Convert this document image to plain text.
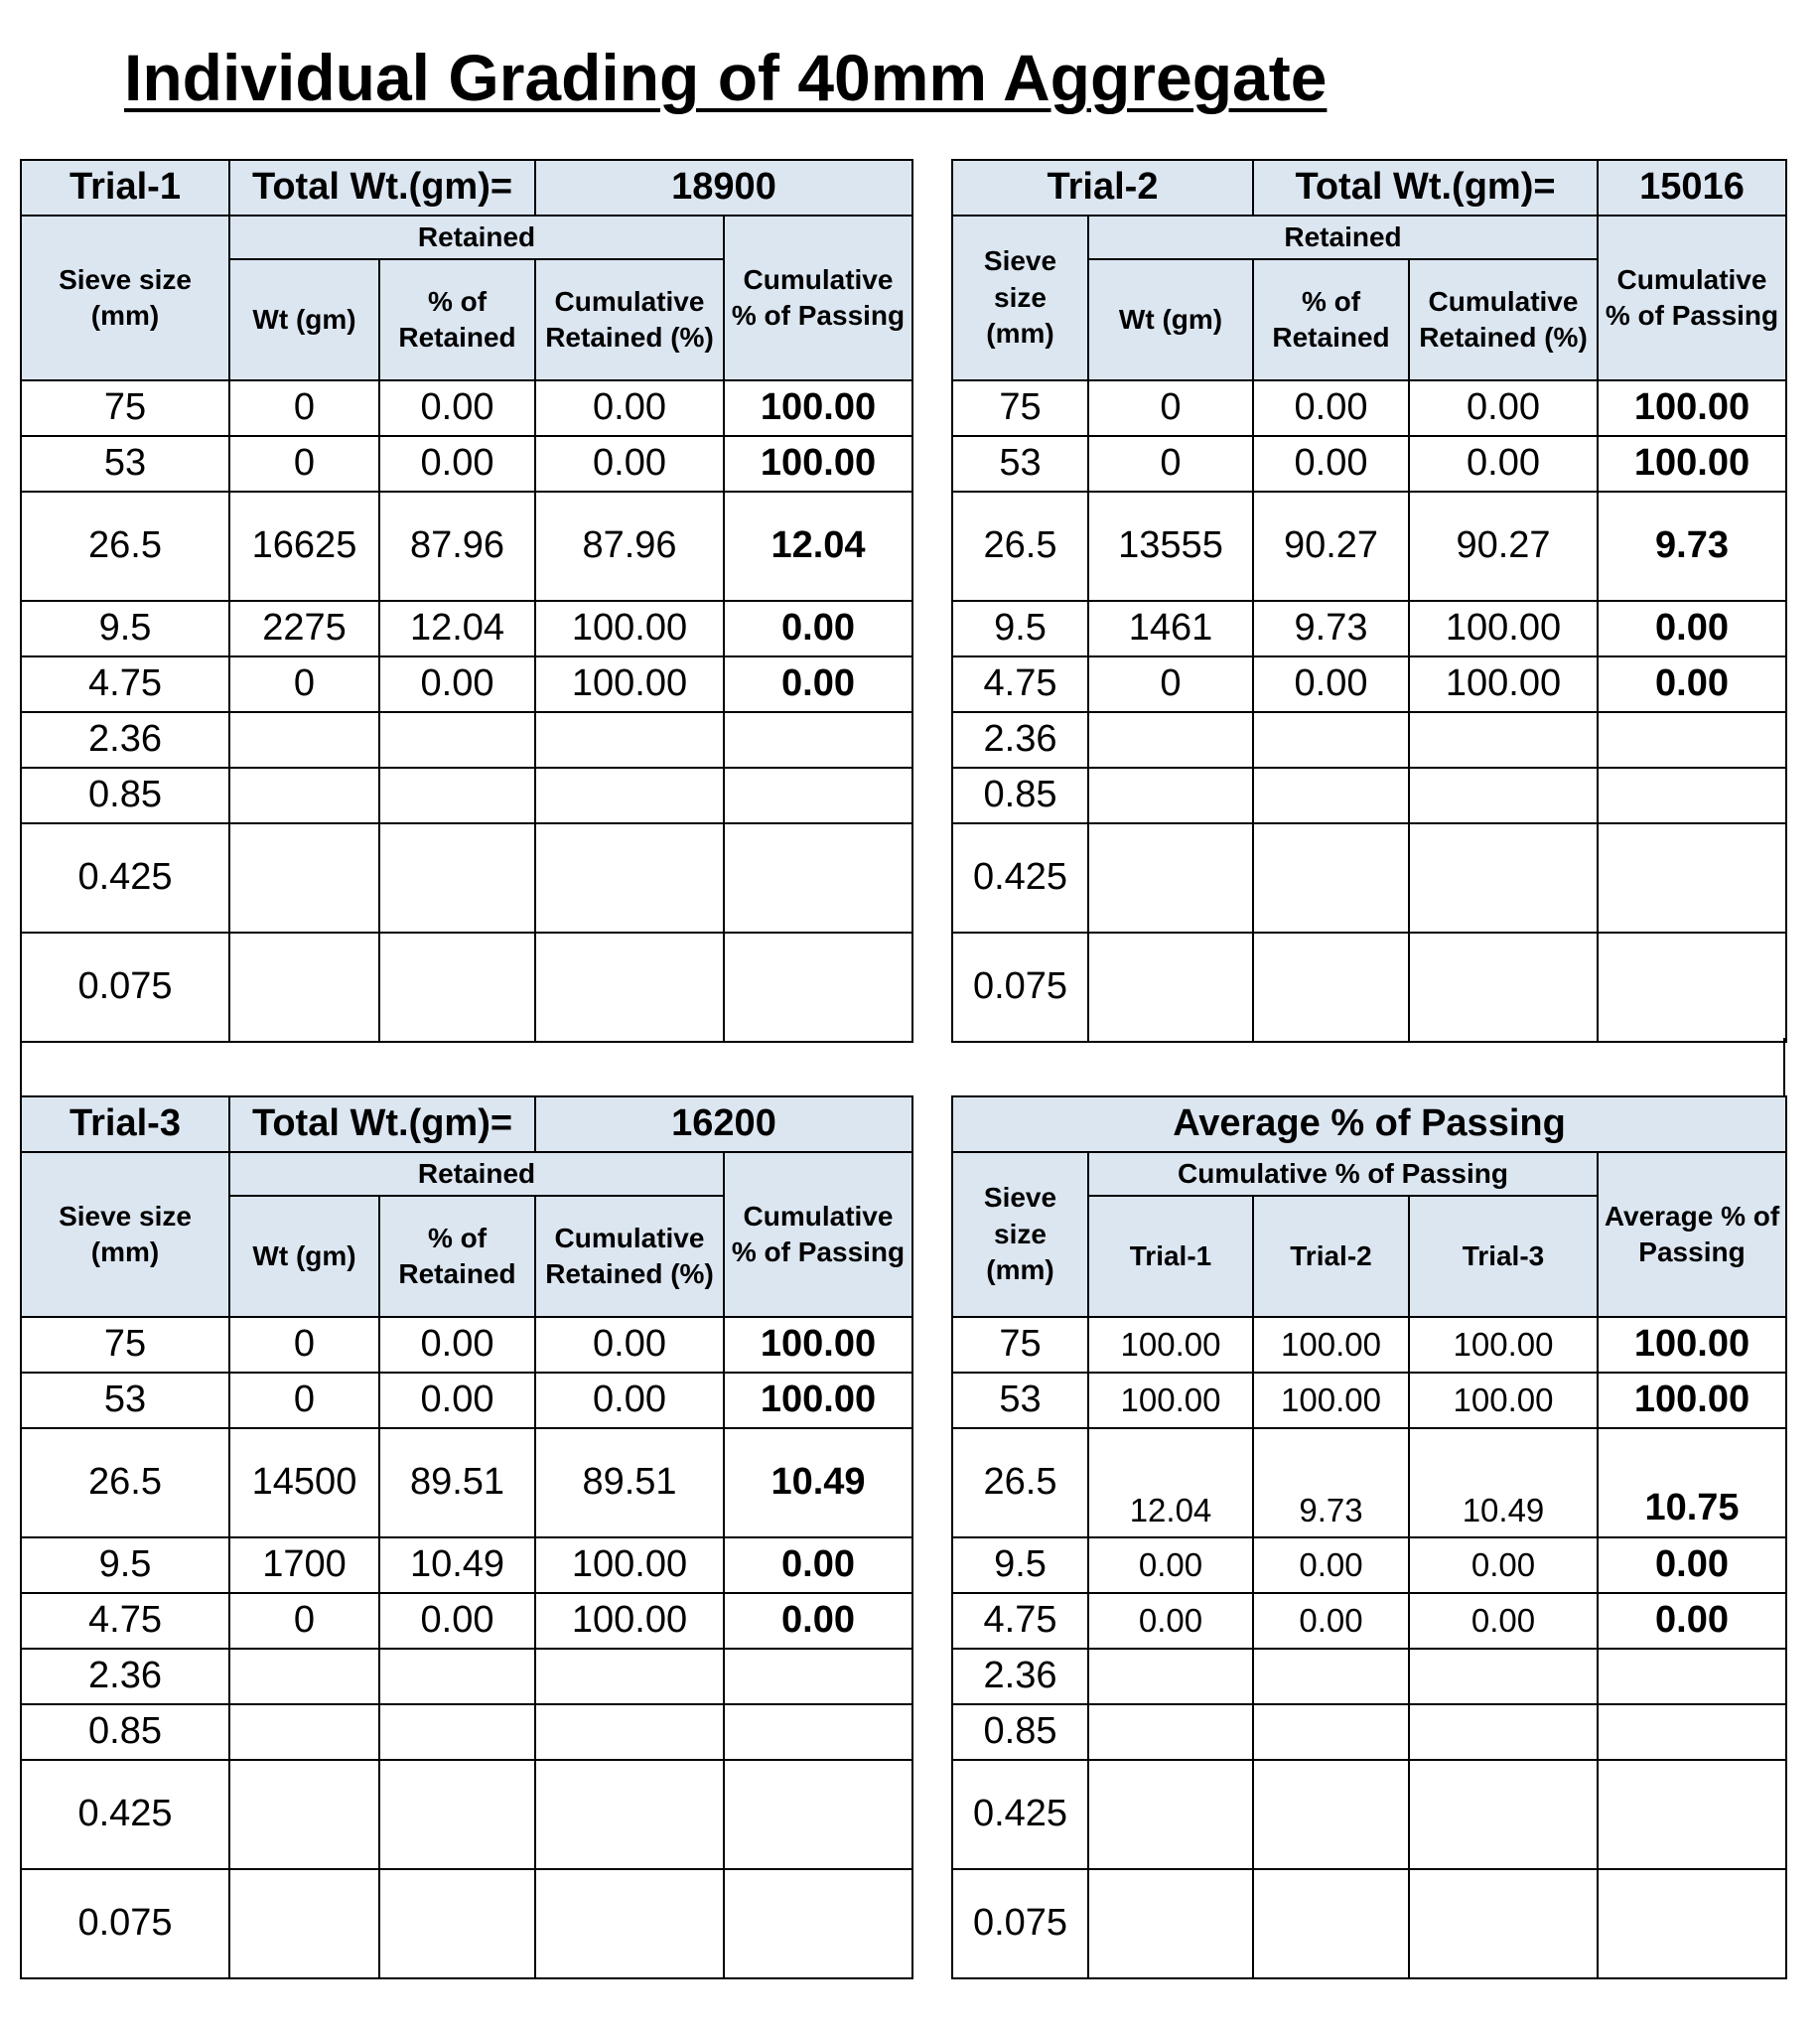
Individual Grading of 40mm Aggregate
Trial-1	Total Wt.(gm)=		18900	
Sieve size (mm)	Retained			Cumulative % of Passing
	Wt (gm)	% of Retained	Cumulative Retained (%)	
75	0	0.00	0.00	100.00
53	0	0.00	0.00	100.00
26.5	16625	87.96	87.96	12.04
9.5	2275	12.04	100.00	0.00
4.75	0	0.00	100.00	0.00
2.36				
0.85				
0.425				
0.075				
Trial-2		Total Wt.(gm)=		15016
Sieve size (mm)	Retained			Cumulative % of Passing
	Wt (gm)	% of Retained	Cumulative Retained (%)	
75	0	0.00	0.00	100.00
53	0	0.00	0.00	100.00
26.5	13555	90.27	90.27	9.73
9.5	1461	9.73	100.00	0.00
4.75	0	0.00	100.00	0.00
2.36				
0.85				
0.425				
0.075				
Trial-3	Total Wt.(gm)=		16200	
Sieve size (mm)	Retained			Cumulative % of Passing
	Wt (gm)	% of Retained	Cumulative Retained (%)	
75	0	0.00	0.00	100.00
53	0	0.00	0.00	100.00
26.5	14500	89.51	89.51	10.49
9.5	1700	10.49	100.00	0.00
4.75	0	0.00	100.00	0.00
2.36				
0.85				
0.425				
0.075				
Average % of Passing				
Sieve size (mm)	Cumulative % of Passing			Average % of Passing
	Trial-1	Trial-2	Trial-3	
75	100.00	100.00	100.00	100.00
53	100.00	100.00	100.00	100.00
26.5	12.04	9.73	10.49	10.75
9.5	0.00	0.00	0.00	0.00
4.75	0.00	0.00	0.00	0.00
2.36				
0.85				
0.425				
0.075				
